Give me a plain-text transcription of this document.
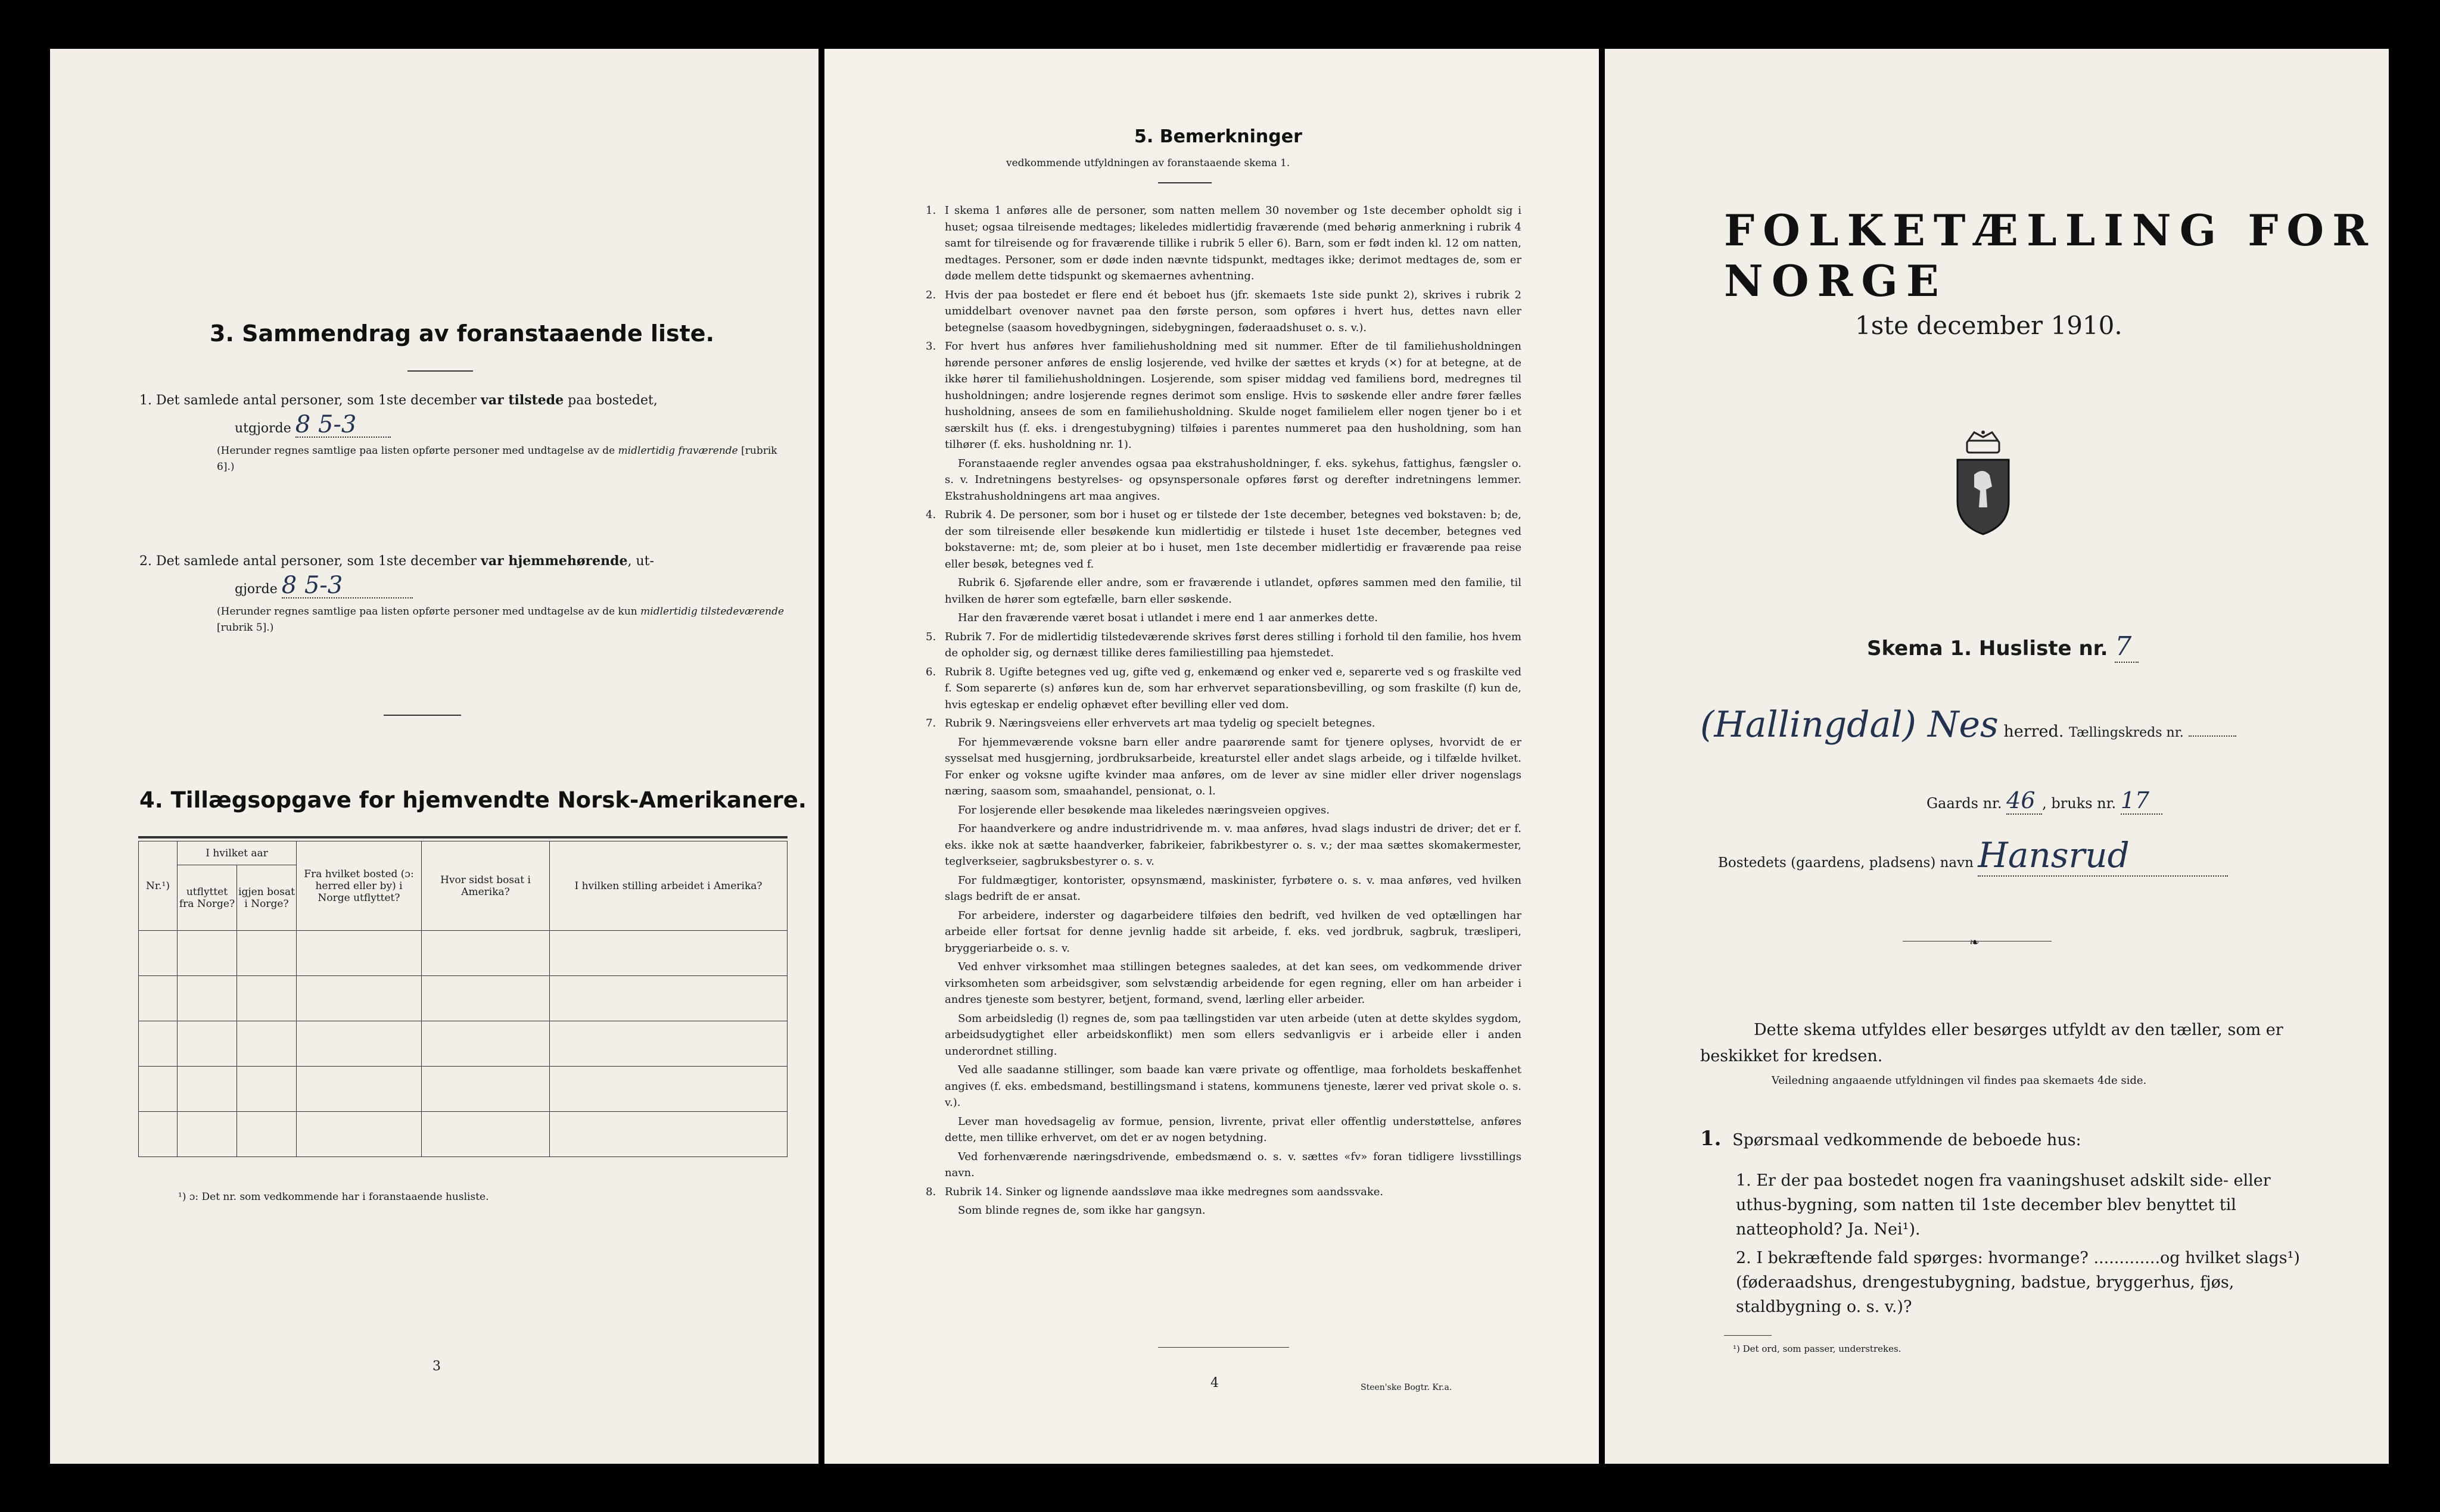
3. Sammendrag av foranstaaende liste.
1. Det samlede antal personer, som 1ste december var tilstede paa bostedet,
utgjorde 8 5-3
(Herunder regnes samtlige paa listen opførte personer med undtagelse av de midlertidig fraværende [rubrik 6].)
2. Det samlede antal personer, som 1ste december var hjemmehørende, ut-
gjorde 8 5-3
(Herunder regnes samtlige paa listen opførte personer med undtagelse av de kun midlertidig tilstedeværende [rubrik 5].)
4. Tillægsopgave for hjemvendte Norsk-Amerikanere.
Nr.¹)	I hvilket aar		Fra hvilket bosted (ɔ: herred eller by) i Norge utflyttet?	Hvor sidst bosat i Amerika?	I hvilken stilling arbeidet i Amerika?
	utflyttet fra Norge?	igjen bosat i Norge?			

¹) ɔ: Det nr. som vedkommende har i foranstaaende husliste.
3
5. Bemerkninger
vedkommende utfyldningen av foranstaaende skema 1.
1. I skema 1 anføres alle de personer, som natten mellem 30 november og 1ste december opholdt sig i huset; ogsaa tilreisende medtages; likeledes midlertidig fraværende (med behørig anmerkning i rubrik 4 samt for tilreisende og for fraværende tillike i rubrik 5 eller 6). Barn, som er født inden kl. 12 om natten, medtages. Personer, som er døde inden nævnte tidspunkt, medtages ikke; derimot medtages de, som er døde mellem dette tidspunkt og skemaernes avhentning.
2. Hvis der paa bostedet er flere end ét beboet hus (jfr. skemaets 1ste side punkt 2), skrives i rubrik 2 umiddelbart ovenover navnet paa den første person, som opføres i hvert hus, dettes navn eller betegnelse (saasom hovedbygningen, sidebygningen, føderaadshuset o. s. v.).
3. For hvert hus anføres hver familiehusholdning med sit nummer. Efter de til familiehusholdningen hørende personer anføres de enslig losjerende, ved hvilke der sættes et kryds (×) for at betegne, at de ikke hører til familiehusholdningen. Losjerende, som spiser middag ved familiens bord, medregnes til husholdningen; andre losjerende regnes derimot som enslige. Hvis to søskende eller andre fører fælles husholdning, ansees de som en familiehusholdning. Skulde noget familielem eller nogen tjener bo i et særskilt hus (f. eks. i drengestubygning) tilføies i parentes nummeret paa den husholdning, som han tilhører (f. eks. husholdning nr. 1).
Foranstaaende regler anvendes ogsaa paa ekstrahusholdninger, f. eks. sykehus, fattighus, fængsler o. s. v. Indretningens bestyrelses- og opsynspersonale opføres først og derefter indretningens lemmer. Ekstrahusholdningens art maa angives.
4. Rubrik 4. De personer, som bor i huset og er tilstede der 1ste december, betegnes ved bokstaven: b; de, der som tilreisende eller besøkende kun midlertidig er tilstede i huset 1ste december, betegnes ved bokstaverne: mt; de, som pleier at bo i huset, men 1ste december midlertidig er fraværende paa reise eller besøk, betegnes ved f.
Rubrik 6. Sjøfarende eller andre, som er fraværende i utlandet, opføres sammen med den familie, til hvilken de hører som egtefælle, barn eller søskende.
Har den fraværende været bosat i utlandet i mere end 1 aar anmerkes dette.
5. Rubrik 7. For de midlertidig tilstedeværende skrives først deres stilling i forhold til den familie, hos hvem de opholder sig, og dernæst tillike deres familiestilling paa hjemstedet.
6. Rubrik 8. Ugifte betegnes ved ug, gifte ved g, enkemænd og enker ved e, separerte ved s og fraskilte ved f. Som separerte (s) anføres kun de, som har erhvervet separationsbevilling, og som fraskilte (f) kun de, hvis egteskap er endelig ophævet efter bevilling eller ved dom.
7. Rubrik 9. Næringsveiens eller erhvervets art maa tydelig og specielt betegnes.
For hjemmeværende voksne barn eller andre paarørende samt for tjenere oplyses, hvorvidt de er sysselsat med husgjerning, jordbruksarbeide, kreaturstel eller andet slags arbeide, og i tilfælde hvilket. For enker og voksne ugifte kvinder maa anføres, om de lever av sine midler eller driver nogenslags næring, saasom som, smaahandel, pensionat, o. l.
For losjerende eller besøkende maa likeledes næringsveien opgives.
For haandverkere og andre industridrivende m. v. maa anføres, hvad slags industri de driver; det er f. eks. ikke nok at sætte haandverker, fabrikeier, fabrikbestyrer o. s. v.; der maa sættes skomakermester, teglverkseier, sagbruksbestyrer o. s. v.
For fuldmægtiger, kontorister, opsynsmænd, maskinister, fyrbøtere o. s. v. maa anføres, ved hvilken slags bedrift de er ansat.
For arbeidere, inderster og dagarbeidere tilføies den bedrift, ved hvilken de ved optællingen har arbeide eller fortsat for denne jevnlig hadde sit arbeide, f. eks. ved jordbruk, sagbruk, træsliperi, bryggeriarbeide o. s. v.
Ved enhver virksomhet maa stillingen betegnes saaledes, at det kan sees, om vedkommende driver virksomheten som arbeidsgiver, som selvstændig arbeidende for egen regning, eller om han arbeider i andres tjeneste som bestyrer, betjent, formand, svend, lærling eller arbeider.
Som arbeidsledig (l) regnes de, som paa tællingstiden var uten arbeide (uten at dette skyldes sygdom, arbeidsudygtighet eller arbeidskonflikt) men som ellers sedvanligvis er i arbeide eller i anden underordnet stilling.
Ved alle saadanne stillinger, som baade kan være private og offentlige, maa forholdets beskaffenhet angives (f. eks. embedsmand, bestillingsmand i statens, kommunens tjeneste, lærer ved privat skole o. s. v.).
Lever man hovedsagelig av formue, pension, livrente, privat eller offentlig understøttelse, anføres dette, men tillike erhvervet, om det er av nogen betydning.
Ved forhenværende næringsdrivende, embedsmænd o. s. v. sættes «fv» foran tidligere livsstillings navn.
8. Rubrik 14. Sinker og lignende aandssløve maa ikke medregnes som aandssvake.
Som blinde regnes de, som ikke har gangsyn.
4	Steen'ske Bogtr. Kr.a.
FOLKETÆLLING FOR NORGE
1ste december 1910.
Skema 1. Husliste nr. 7
(Hallingdal) Nes herred. Tællingskreds nr.
Gaards nr. 46 , bruks nr. 17
Bostedets (gaardens, pladsens) navn Hansrud
❧
Dette skema utfyldes eller besørges utfyldt av den tæller, som er beskikket for kredsen.
Veiledning angaaende utfyldningen vil findes paa skemaets 4de side.
1. Spørsmaal vedkommende de beboede hus:
1. Er der paa bostedet nogen fra vaaningshuset adskilt side- eller uthus-bygning, som natten til 1ste december blev benyttet til natteophold? Ja. Nei¹).
2. I bekræftende fald spørges: hvormange? .............og hvilket slags¹) (føderaadshus, drengestubygning, badstue, bryggerhus, fjøs, staldbygning o. s. v.)?
¹) Det ord, som passer, understrekes.
